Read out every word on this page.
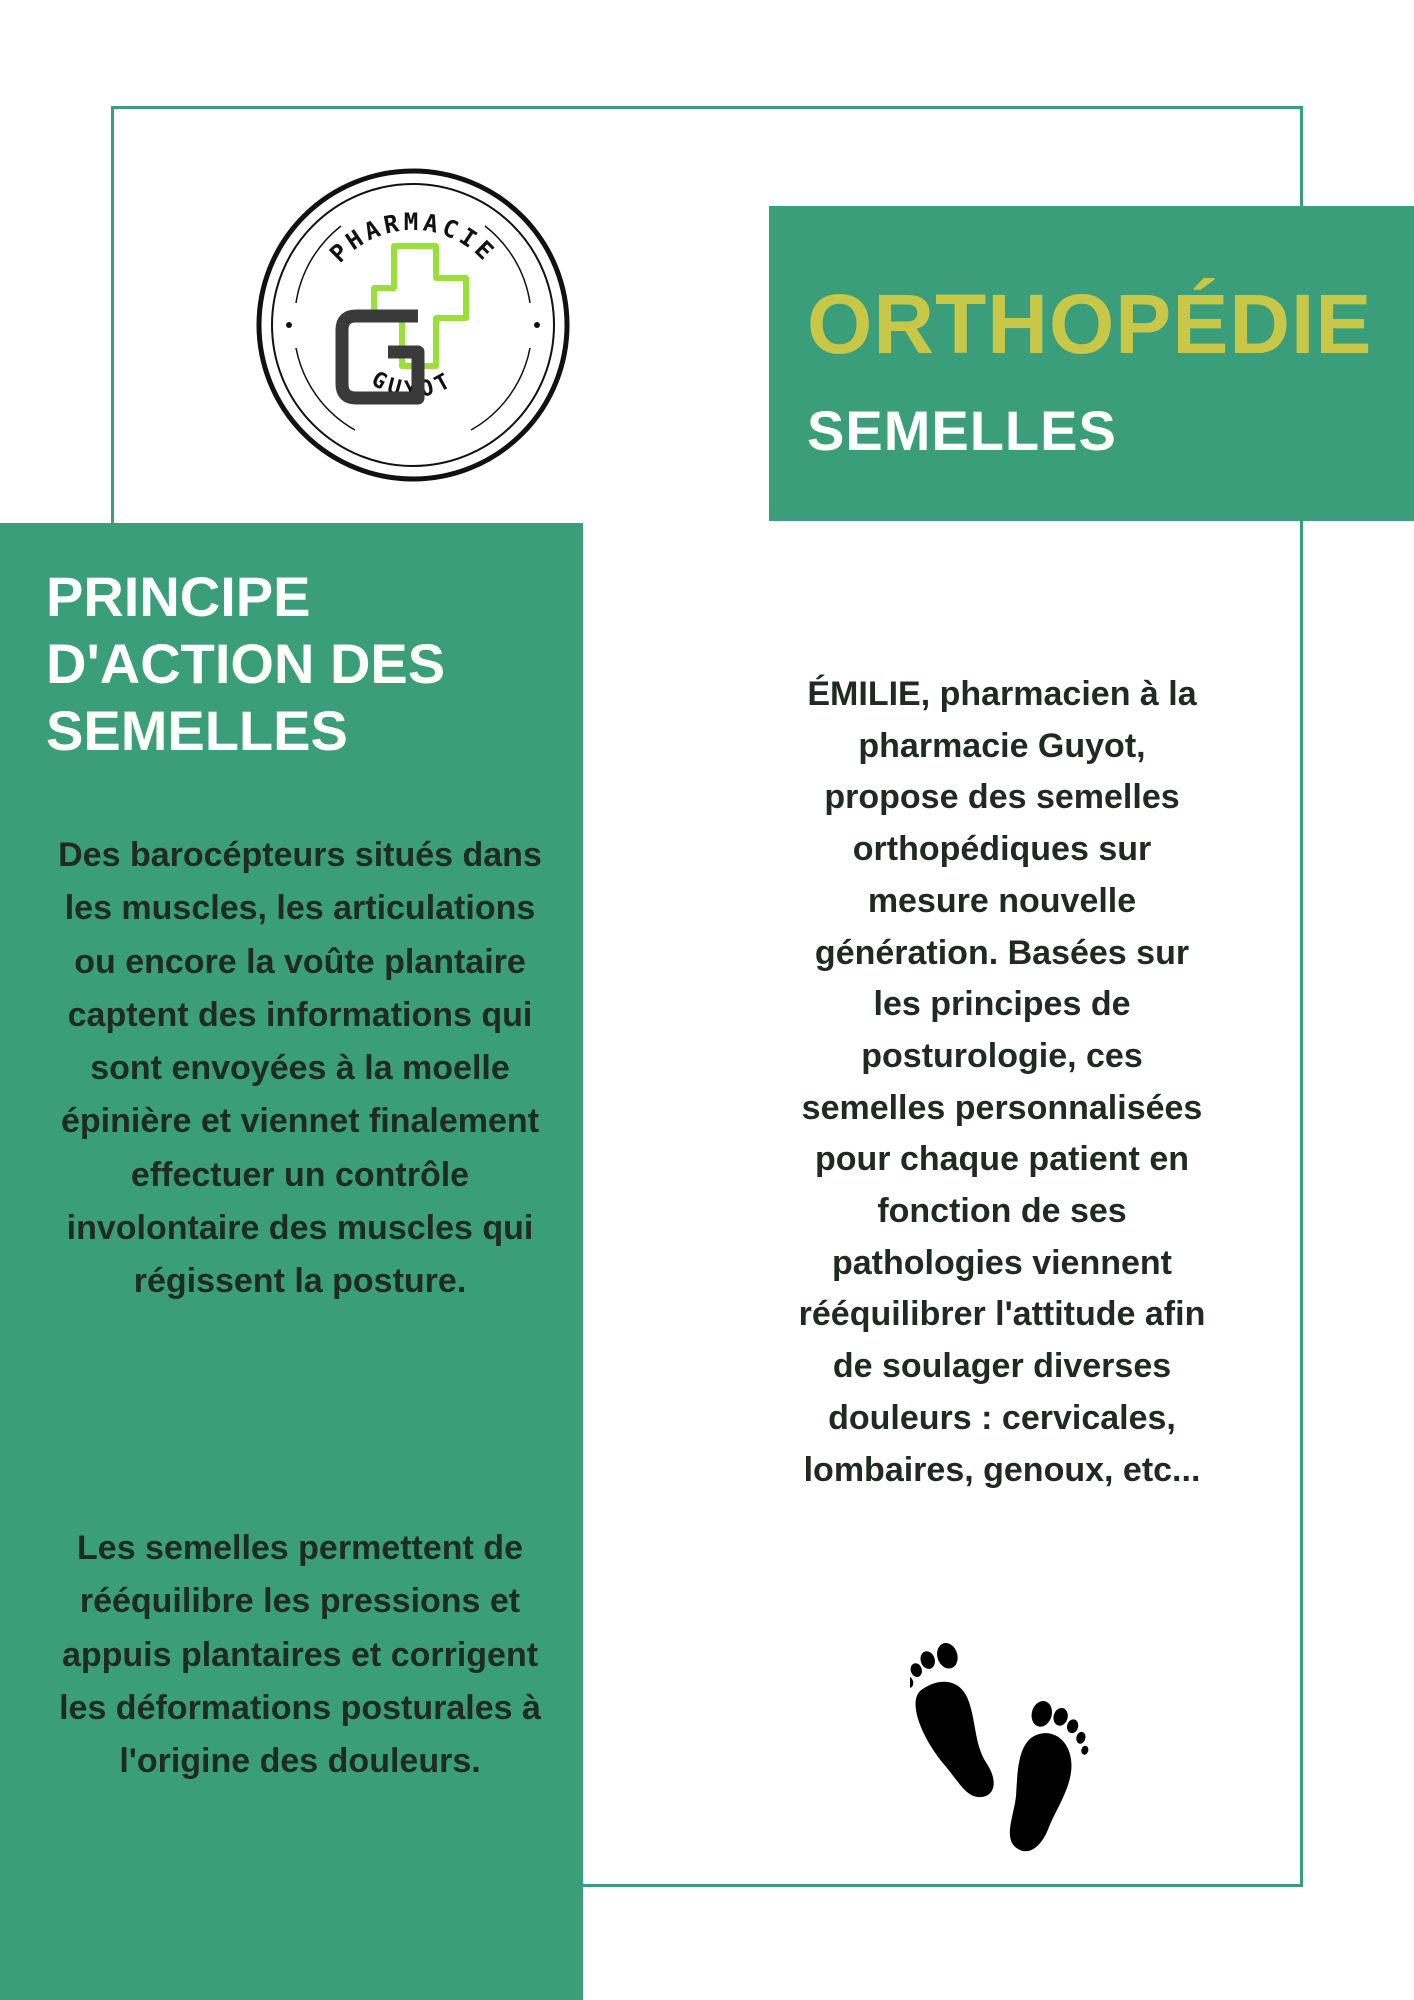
PHARMACIE
GUYOT
ORTHOPÉDIE
SEMELLES
PRINCIPE D'ACTION DES SEMELLES

Des barocépteurs situés dans les muscles, les articulations ou encore la voûte plantaire captent des informations qui sont envoyées à la moelle épinière et viennet finalement effectuer un contrôle involontaire des muscles qui régissent la posture.

Les semelles permettent de rééquilibre les pressions et appuis plantaires et corrigent les déformations posturales à l'origine des douleurs.

ÉMILIE, pharmacien à la pharmacie Guyot, propose des semelles orthopédiques sur mesure nouvelle génération. Basées sur les principes de posturologie, ces semelles personnalisées pour chaque patient en fonction de ses pathologies viennent rééquilibrer l'attitude afin de soulager diverses douleurs : cervicales, lombaires, genoux, etc...
